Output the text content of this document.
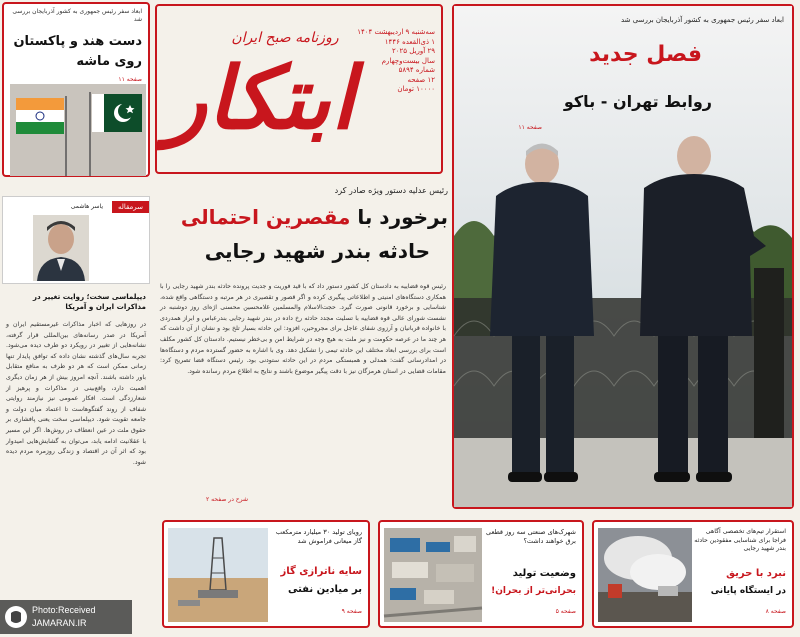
ابتکار
روزنامه صبح ایران	سه‌شنبه ۹ اردیبهشت ۱۴۰۴
۱ ذی‌القعده ۱۴۴۶
۲۹ آوریل ۲۰۲۵
سال بیست‌وچهارم
شماره ۵۸۹۴
۱۲ صفحه
۱۰۰۰۰ تومان
ابعاد سفر رئیس جمهوری به کشور آذربایجان بررسی شد
دست هند و پاکستان
روی ماشه
صفحه ۱۱
سرمقاله
یاسر هاشمی
دیپلماسی سخت؛ روایت تغییر در مذاکرات ایران و آمریکا
در روزهایی که اخبار مذاکرات غیرمستقیم ایران و آمریکا در صدر رسانه‌های بین‌المللی قرار گرفته، نشانه‌هایی از تغییر در رویکرد دو طرف دیده می‌شود. تجربه سال‌های گذشته نشان داده که توافق پایدار تنها زمانی ممکن است که هر دو طرف به منافع متقابل باور داشته باشند. آنچه امروز بیش از هر زمان دیگری اهمیت دارد، واقع‌بینی در مذاکرات و پرهیز از شعارزدگی است. افکار عمومی نیز نیازمند روایتی شفاف از روند گفتگوهاست تا اعتماد میان دولت و جامعه تقویت شود. دیپلماسی سخت یعنی پافشاری بر حقوق ملت در عین انعطاف در روش‌ها. اگر این مسیر با عقلانیت ادامه یابد، می‌توان به گشایش‌هایی امیدوار بود که اثر آن در اقتصاد و زندگی روزمره مردم دیده شود.
رئیس عدلیه دستور ویژه صادر کرد
برخورد با مقصرین احتمالی
حادثه بندر شهید رجایی
رئیس قوه قضاییه به دادستان کل کشور دستور داد که با قید فوریت و جدیت پرونده حادثه بندر شهید رجایی را با همکاری دستگاه‌های امنیتی و اطلاعاتی پیگیری کرده و اگر قصور و تقصیری در هر مرتبه و دستگاهی واقع شده، شناسایی و برخورد قانونی صورت گیرد. حجت‌الاسلام والمسلمین غلامحسین محسنی اژه‌ای روز دوشنبه در نشست شورای عالی قوه قضاییه با تسلیت مجدد حادثه رخ داده در بندر شهید رجایی بندرعباس و ابراز همدردی با خانواده قربانیان و آرزوی شفای عاجل برای مجروحین، افزود: این حادثه بسیار تلخ بود و نشان از آن داشت که هر چند ما در عرصه حکومت و نیز ملت به هیچ وجه در شرایط امن و بی‌خطر نیستیم. دادستان کل کشور مکلف است برای بررسی ابعاد مختلف این حادثه تیمی را تشکیل دهد. وی با اشاره به حضور گسترده مردم و دستگاه‌ها در امدادرسانی گفت: همدلی و همبستگی مردم در این حادثه ستودنی بود. رئیس دستگاه قضا تصریح کرد: مقامات قضایی در استان هرمزگان نیز با دقت پیگیر موضوع باشند و نتایج به اطلاع مردم رسانده شود.
شرح در صفحه ۲
ابعاد سفر رئیس جمهوری به کشور آذربایجان بررسی شد
فصل جدید
روابط تهران - باکو
صفحه ۱۱
رویای تولید ۳۰ میلیارد مترمکعب گاز میعانی فراموش شد
سایه ناترازی گاز
بر میادین نفتی
صفحه ۹
شهرک‌های صنعتی سه روز قطعی برق خواهند داشت؟
وضعیت تولید
بحرانی‌تر از بحران!
صفحه ۵
استقرار تیم‌های تخصصی آگاهی فراجا برای شناسایی مفقودین حادثه بندر شهید رجایی
نبرد با حریق
در ایستگاه پایانی
صفحه ۸
Photo:Received
JAMARAN.IR
